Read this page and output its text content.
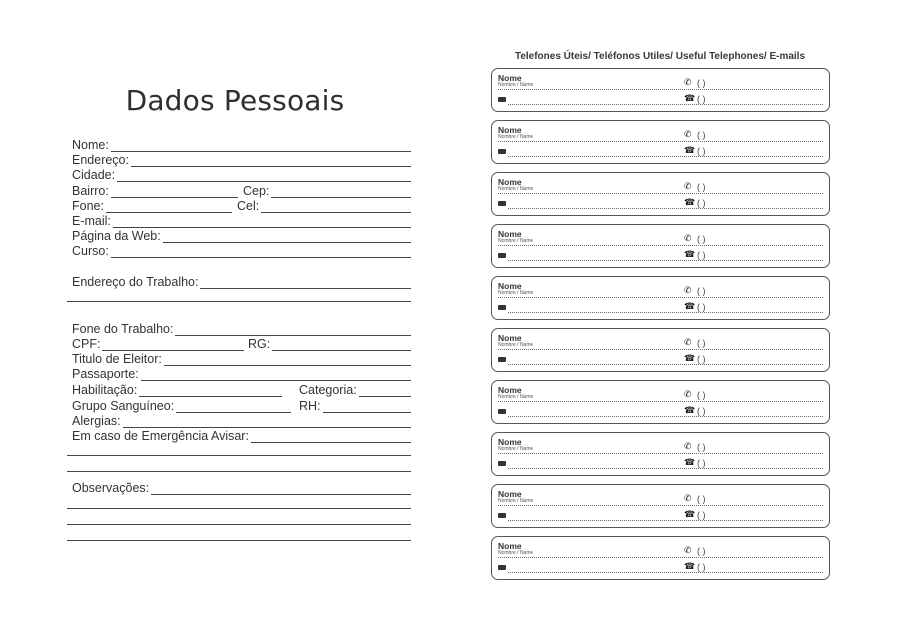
Dados Pessoais
Nome:
Endereço:
Cidade:
Bairro:	Cep:
Fone:	Cel:
E-mail:
Página da Web:
Curso:
Endereço do Trabalho:
Fone do Trabalho:
CPF:	RG:
Titulo de Eleitor:
Passaporte:
Habilitação:	Categoria:
Grupo Sanguíneo:	RH:
Alergias:
Em caso de Emergência Avisar:
Observações:
Telefones Úteis/ Teléfonos Utiles/ Useful Telephones/ E-mails
Nome
Nombre / Name	✆ ( )
☎ ( )
Nome
Nombre / Name	✆ ( )
☎ ( )
Nome
Nombre / Name	✆ ( )
☎ ( )
Nome
Nombre / Name	✆ ( )
☎ ( )
Nome
Nombre / Name	✆ ( )
☎ ( )
Nome
Nombre / Name	✆ ( )
☎ ( )
Nome
Nombre / Name	✆ ( )
☎ ( )
Nome
Nombre / Name	✆ ( )
☎ ( )
Nome
Nombre / Name	✆ ( )
☎ ( )
Nome
Nombre / Name	✆ ( )
☎ ( )
